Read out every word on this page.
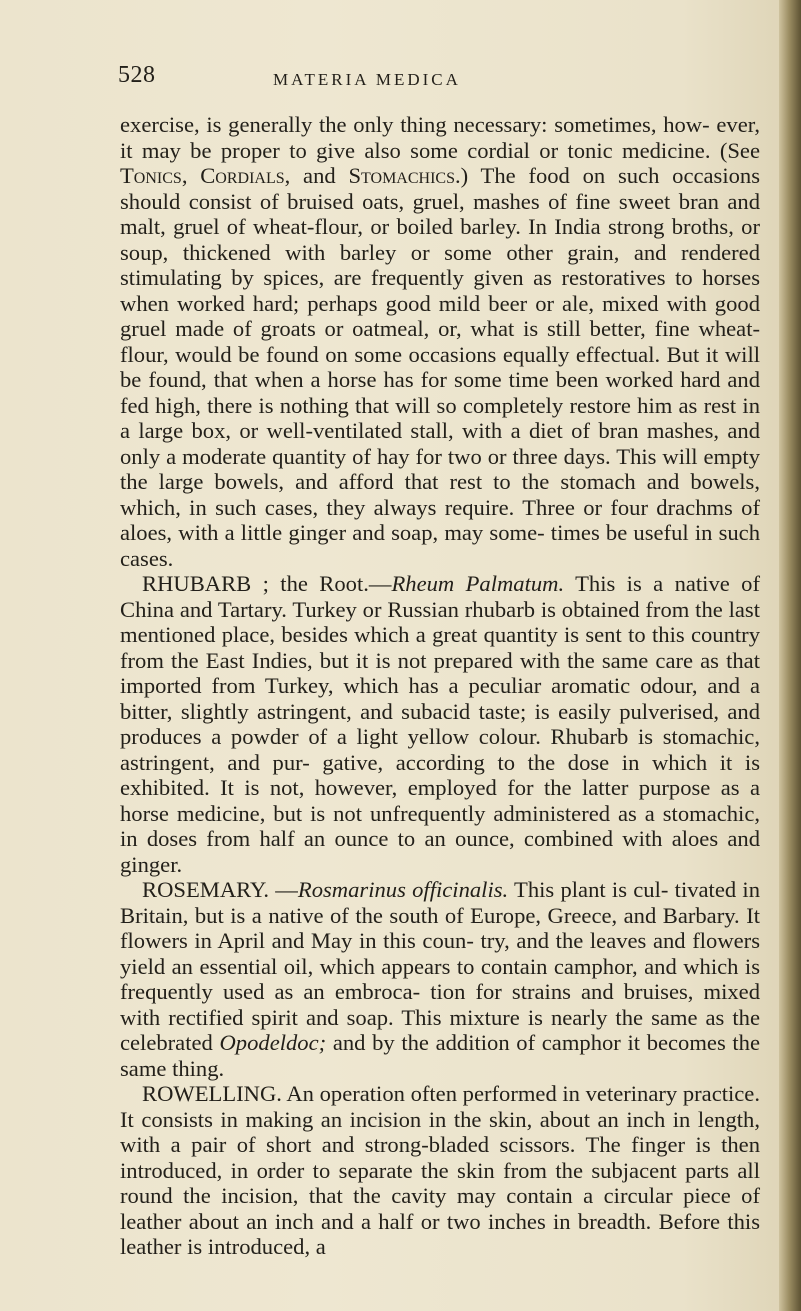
528	MATERIA MEDICA

exercise, is generally the only thing necessary: sometimes, how- ever, it may be proper to give also some cordial or tonic medicine. (See Tonics, Cordials, and Stomachics.) The food on such occasions should consist of bruised oats, gruel, mashes of fine sweet bran and malt, gruel of wheat-flour, or boiled barley. In India strong broths, or soup, thickened with barley or some other grain, and rendered stimulating by spices, are frequently given as restoratives to horses when worked hard; perhaps good mild beer or ale, mixed with good gruel made of groats or oatmeal, or, what is still better, fine wheat-flour, would be found on some occasions equally effectual. But it will be found, that when a horse has for some time been worked hard and fed high, there is nothing that will so completely restore him as rest in a large box, or well-ventilated stall, with a diet of bran mashes, and only a moderate quantity of hay for two or three days. This will empty the large bowels, and afford that rest to the stomach and bowels, which, in such cases, they always require. Three or four drachms of aloes, with a little ginger and soap, may some- times be useful in such cases.

RHUBARB ; the Root.—Rheum Palmatum. This is a native of China and Tartary. Turkey or Russian rhubarb is obtained from the last mentioned place, besides which a great quantity is sent to this country from the East Indies, but it is not prepared with the same care as that imported from Turkey, which has a peculiar aromatic odour, and a bitter, slightly astringent, and subacid taste; is easily pulverised, and produces a powder of a light yellow colour. Rhubarb is stomachic, astringent, and pur- gative, according to the dose in which it is exhibited. It is not, however, employed for the latter purpose as a horse medicine, but is not unfrequently administered as a stomachic, in doses from half an ounce to an ounce, combined with aloes and ginger.

ROSEMARY. —Rosmarinus officinalis. This plant is cul- tivated in Britain, but is a native of the south of Europe, Greece, and Barbary. It flowers in April and May in this coun- try, and the leaves and flowers yield an essential oil, which appears to contain camphor, and which is frequently used as an embroca- tion for strains and bruises, mixed with rectified spirit and soap. This mixture is nearly the same as the celebrated Opodeldoc; and by the addition of camphor it becomes the same thing.

ROWELLING. An operation often performed in veterinary practice. It consists in making an incision in the skin, about an inch in length, with a pair of short and strong-bladed scissors. The finger is then introduced, in order to separate the skin from the subjacent parts all round the incision, that the cavity may contain a circular piece of leather about an inch and a half or two inches in breadth. Before this leather is introduced, a
